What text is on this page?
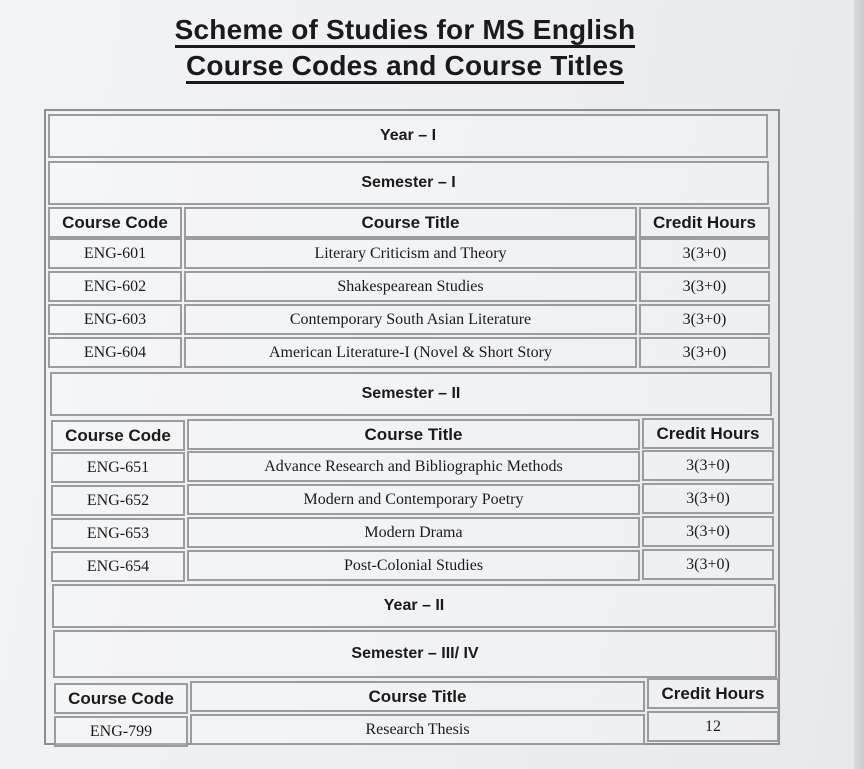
Scheme of Studies for MS English
Course Codes and Course Titles
Year – I
Semester – I
Course Code	Course Title	Credit Hours
ENG-601	Literary Criticism and Theory	3(3+0)
ENG-602	Shakespearean Studies	3(3+0)
ENG-603	Contemporary South Asian Literature	3(3+0)
ENG-604	American Literature-I (Novel & Short Story	3(3+0)
Semester – II
Course Code	Course Title	Credit Hours
ENG-651	Advance Research and Bibliographic Methods	3(3+0)
ENG-652	Modern and Contemporary Poetry	3(3+0)
ENG-653	Modern Drama	3(3+0)
ENG-654	Post-Colonial Studies	3(3+0)
Year – II
Semester – III/ IV
Course Code	Course Title	Credit Hours
ENG-799	Research Thesis	12
